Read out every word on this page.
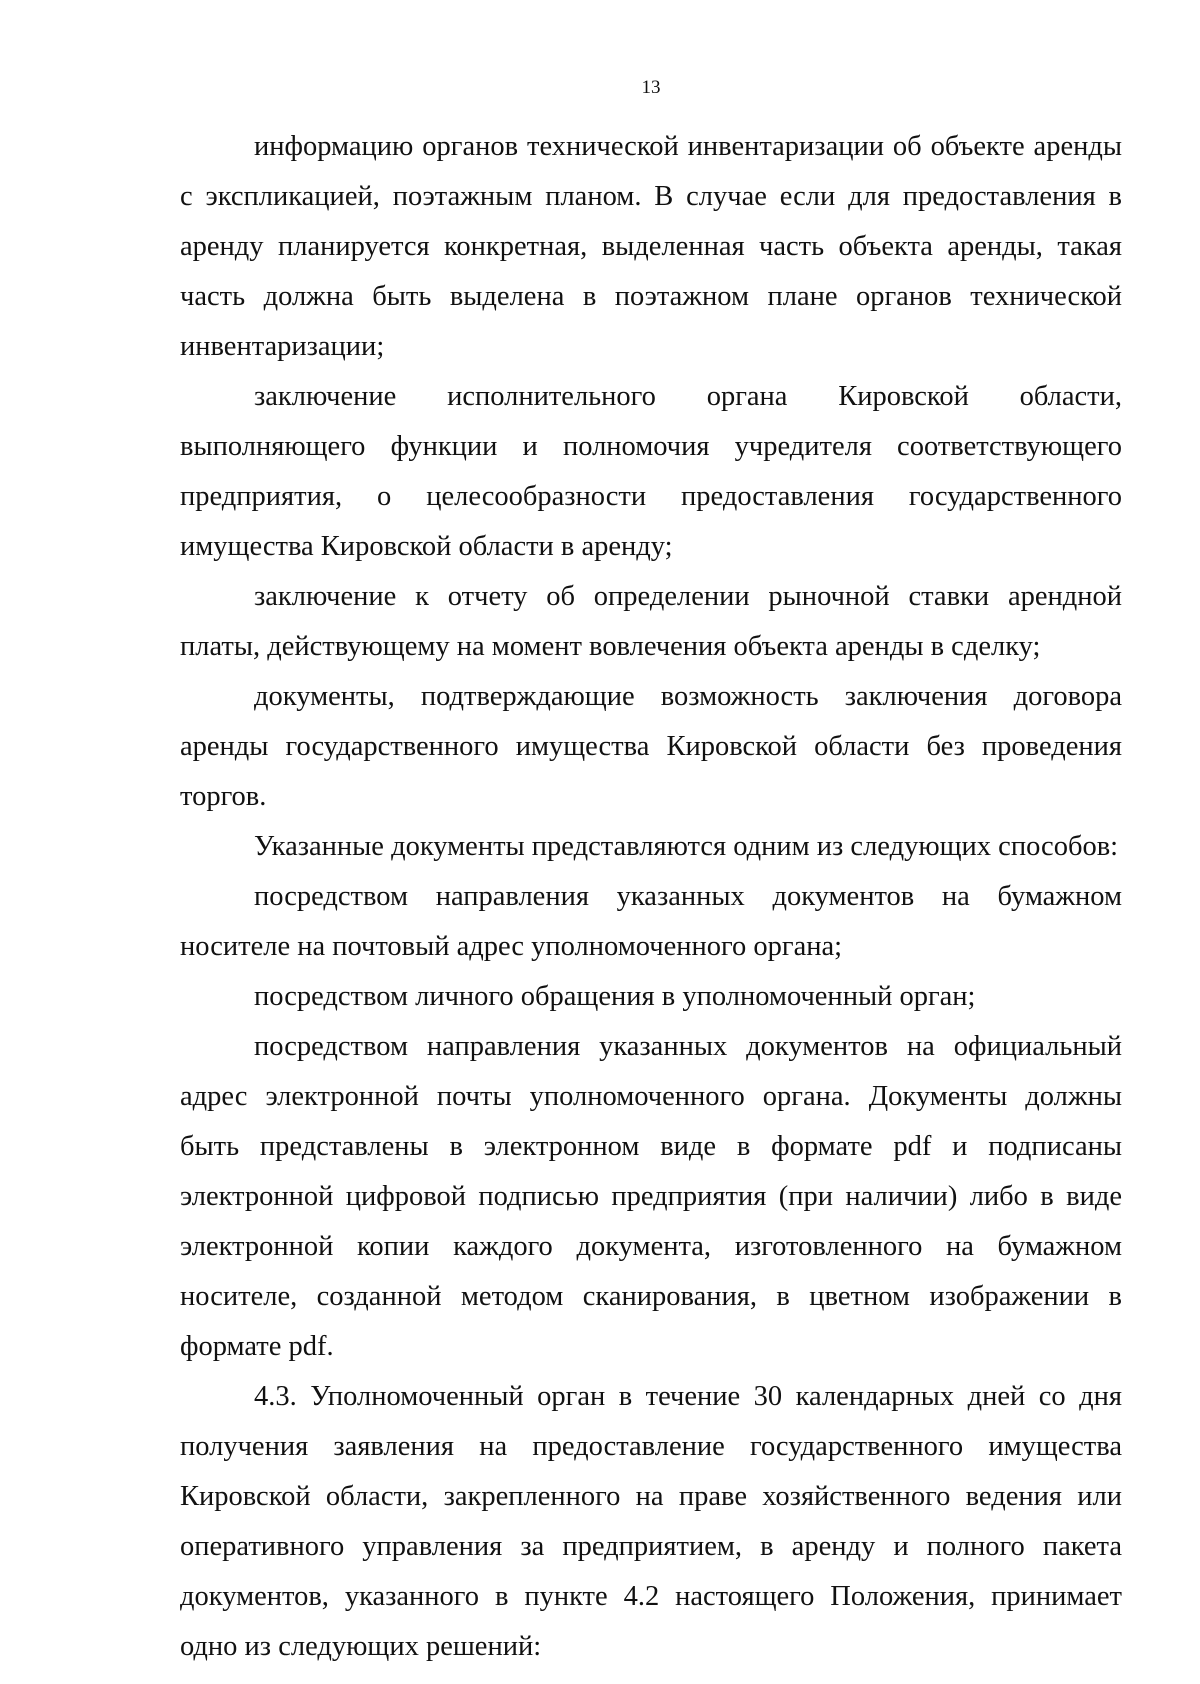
13

информацию органов технической инвентаризации об объекте аренды с экспликацией, поэтажным планом. В случае если для предоставления в аренду планируется конкретная, выделенная часть объекта аренды, такая часть должна быть выделена в поэтажном плане органов технической инвентаризации;

заключение исполнительного органа Кировской области, выполняющего функции и полномочия учредителя соответствующего предприятия, о целесообразности предоставления государственного имущества Кировской области в аренду;

заключение к отчету об определении рыночной ставки арендной платы, действующему на момент вовлечения объекта аренды в сделку;

документы, подтверждающие возможность заключения договора аренды государственного имущества Кировской области без проведения торгов.

Указанные документы представляются одним из следующих способов:

посредством направления указанных документов на бумажном носителе на почтовый адрес уполномоченного органа;

посредством личного обращения в уполномоченный орган;

посредством направления указанных документов на официальный адрес электронной почты уполномоченного органа. Документы должны быть представлены в электронном виде в формате pdf и подписаны электронной цифровой подписью предприятия (при наличии) либо в виде электронной копии каждого документа, изготовленного на бумажном носителе, созданной методом сканирования, в цветном изображении в формате pdf.

4.3. Уполномоченный орган в течение 30 календарных дней со дня получения заявления на предоставление государственного имущества Кировской области, закрепленного на праве хозяйственного ведения или оперативного управления за предприятием, в аренду и полного пакета документов, указанного в пункте 4.2 настоящего Положения, принимает одно из следующих решений:
